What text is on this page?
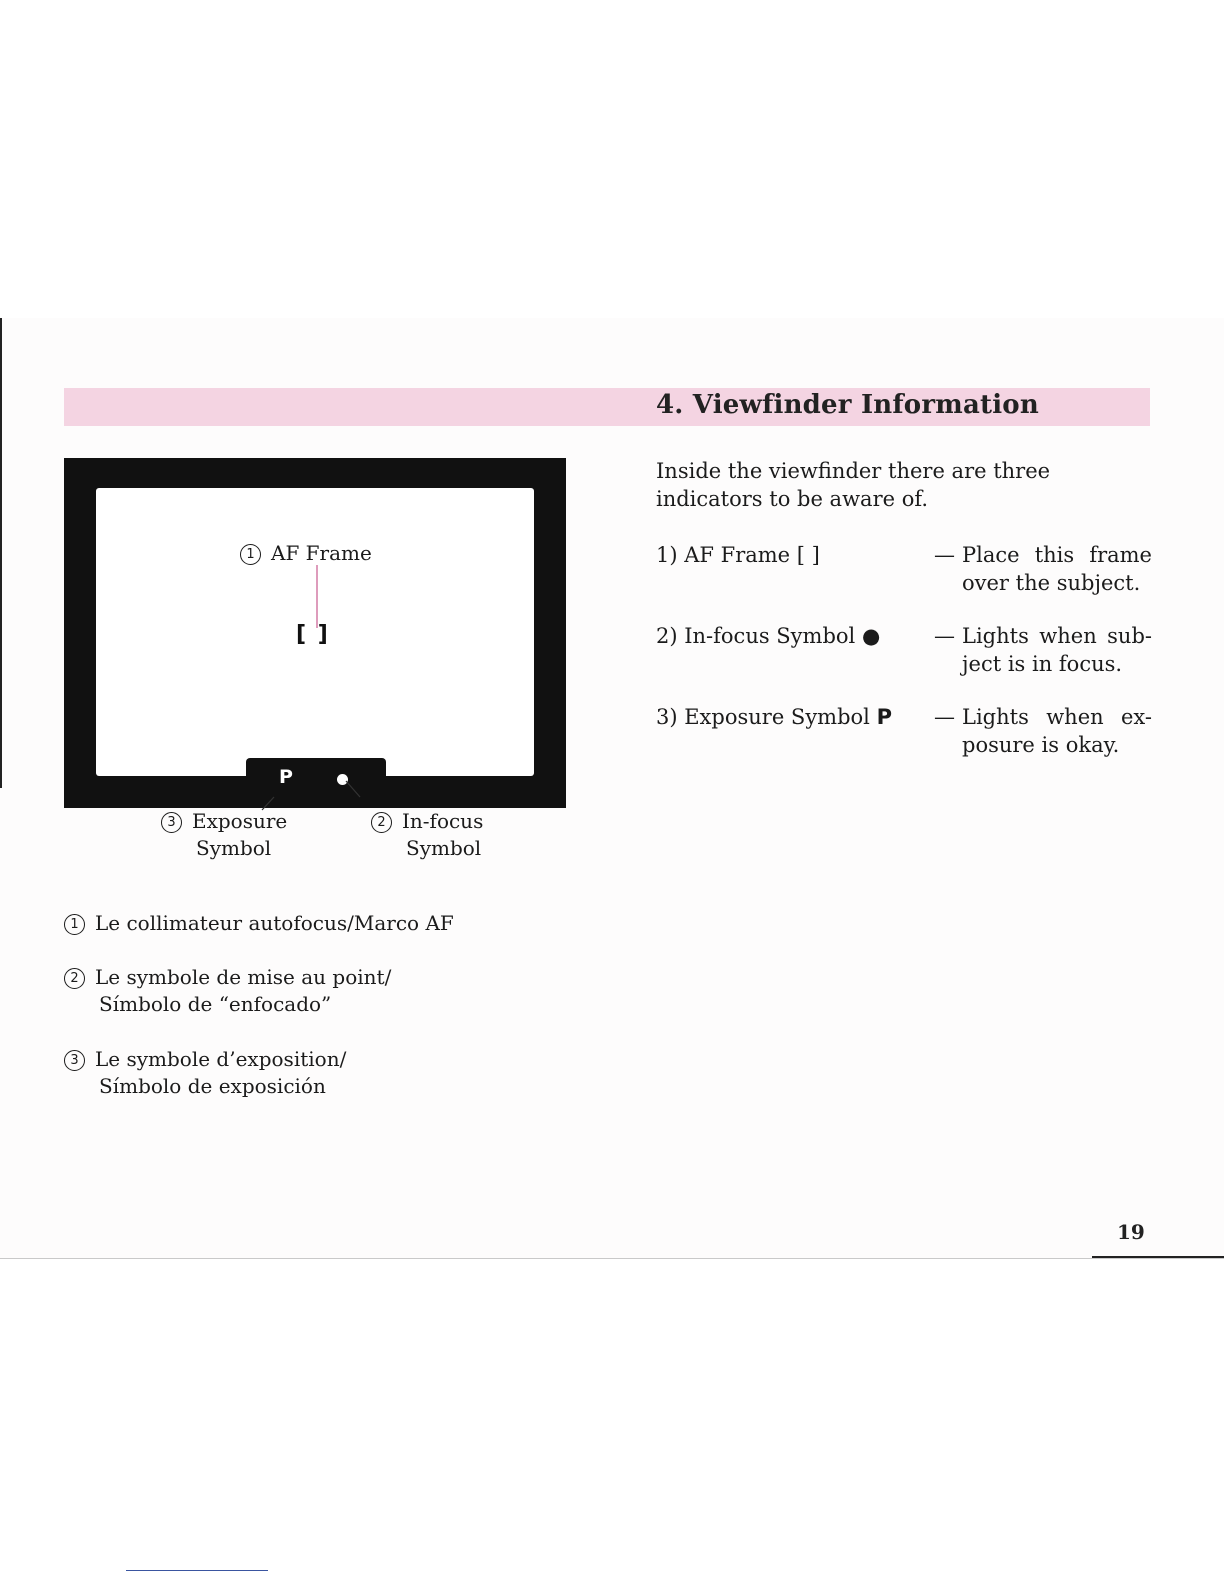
4. Viewfinder Information
P
[ ]
1 AF Frame
3 Exposure
Symbol
2 In-focus
Symbol
1 Le collimateur autofocus/Marco AF
2 Le symbole de mise au point/
Símbolo de “enfocado”
3 Le symbole d’exposition/
Símbolo de exposición
Inside the viewfinder there are three indicators to be aware of.
1) AF Frame [ ]	— Place this frame
over the subject.
2) In-focus Symbol ●	— Lights when sub-
ject is in focus.
3) Exposure Symbol P — Lights when ex-
posure is okay.
19
